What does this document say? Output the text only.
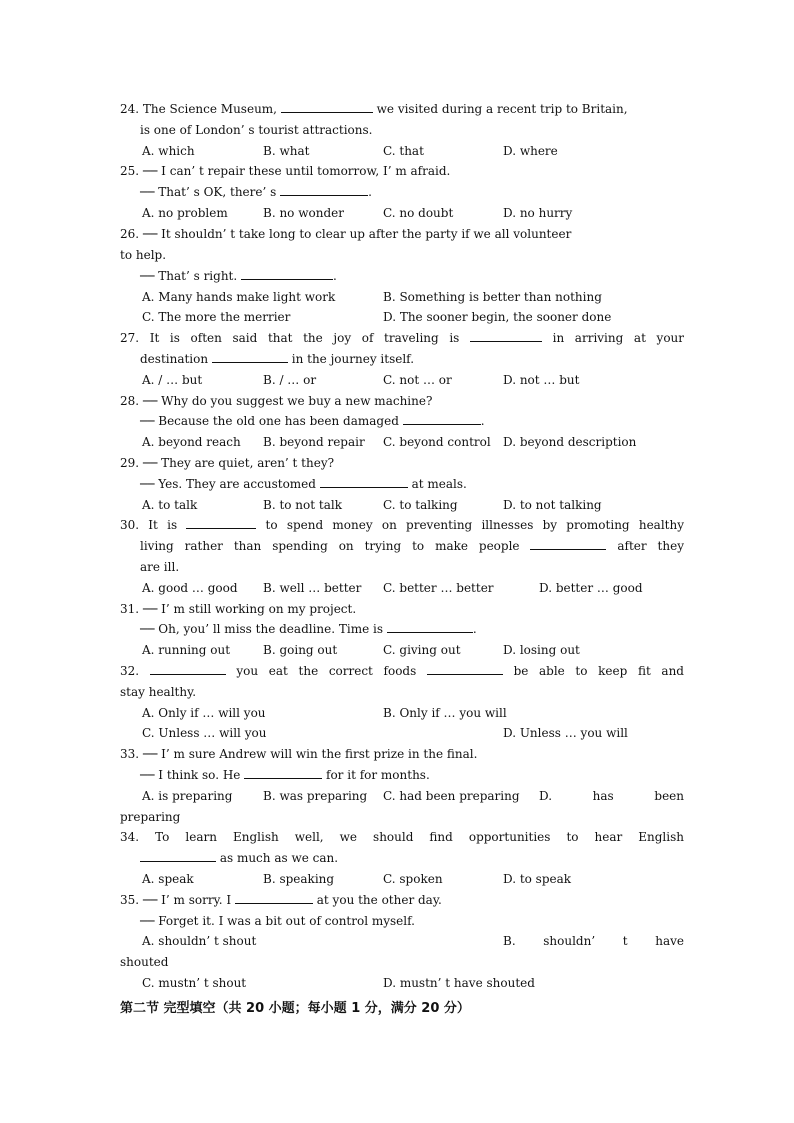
24. The Science Museum,	we visited during a recent trip to Britain,
is one of London’ s tourist attractions.
A. which	B. what	C. that	D. where
25. ── I can’ t repair these until tomorrow, I’ m afraid.
── That’ s OK, there’ s	.
A. no problem	B. no wonder	C. no doubt	D. no hurry
26. ── It shouldn’ t take long to clear up after the party if we all volunteer
to help.
── That’ s right.	.
A. Many hands make light work	B. Something is better than nothing
C. The more the merrier	D. The sooner begin, the sooner done
27. It is often said that the joy of traveling is	in arriving at your
destination	in the journey itself.
A. / … but	B. / … or	C. not … or	D. not … but
28. ── Why do you suggest we buy a new machine?
── Because the old one has been damaged	.
A. beyond reach B. beyond repair C. beyond control D. beyond description
29. ── They are quiet, aren’ t they?
── Yes. They are accustomed	at meals.
A. to talk	B. to not talk	C. to talking	D. to not talking
30. It is	to spend money on preventing illnesses by promoting healthy
living rather than spending on trying to make people	after they
are ill.
A. good … good B. well … better C. better … better	D. better … good
31. ── I’ m still working on my project.
── Oh, you’ ll miss the deadline. Time is	.
A. running out	B. going out	C. giving out	D. losing out
32.	you eat the correct foods	be able to keep fit and
stay healthy.
A. Only if … will you	B. Only if … you will
C. Unless … will you	D. Unless … you will
33. ── I’ m sure Andrew will win the first prize in the final.
── I think so. He	for it for months.
A. is preparing	B. was preparing C. had been preparing D. has been
preparing
34. To learn English well, we should find opportunities to hear English
as much as we can.
A. speak	B. speaking	C. spoken	D. to speak
35. ── I’ m sorry. I	at you the other day.
── Forget it. I was a bit out of control myself.
A. shouldn’ t shout	B. shouldn’ t have
shouted
C. mustn’ t shout	D. mustn’ t have shouted
第二节 完型填空（共 20 小题；每小题 1 分，满分 20 分）
